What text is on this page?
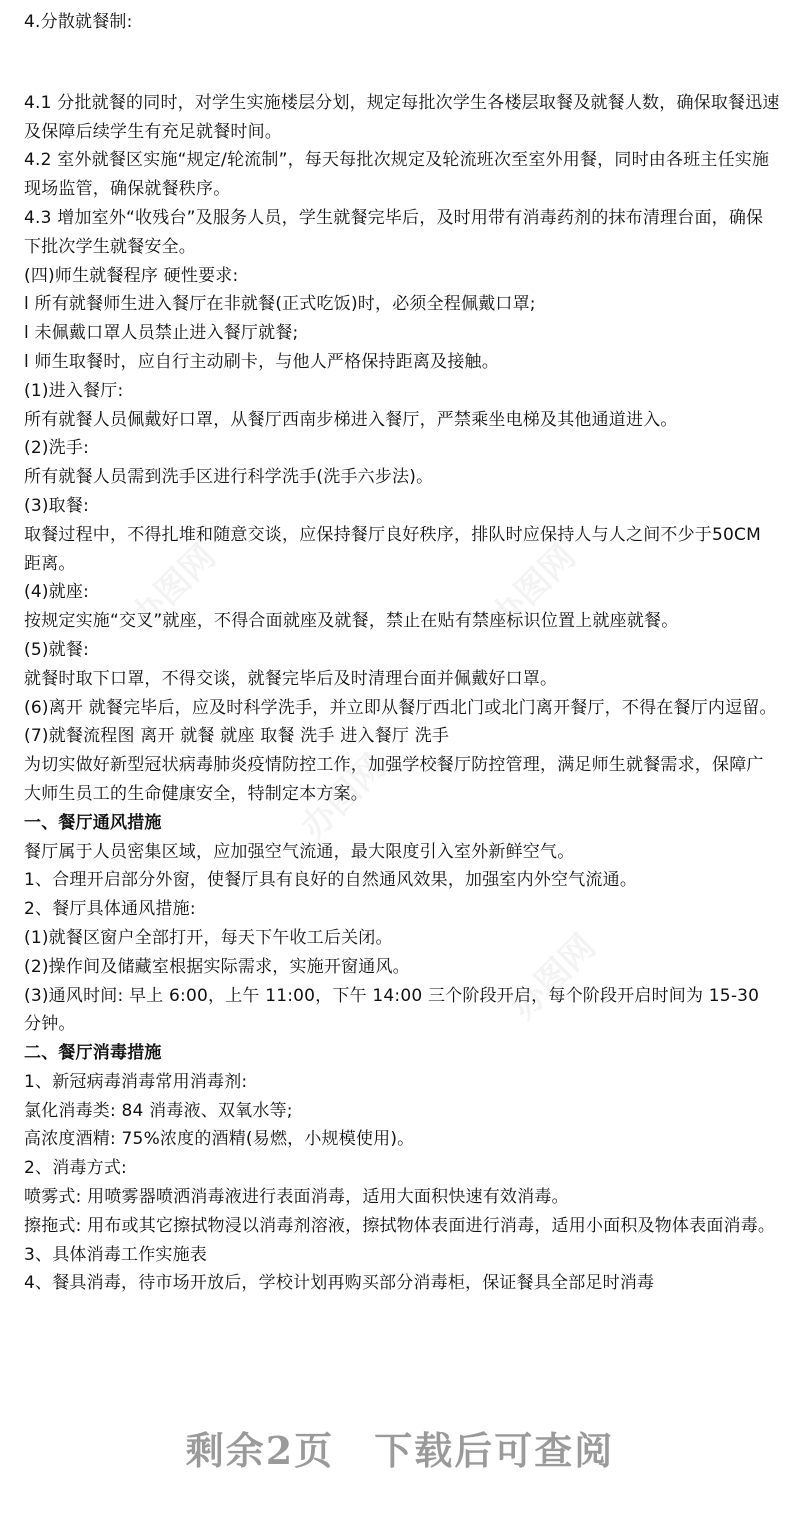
办图网	办图网
办图网
办图网
4.分散就餐制:
4.1 分批就餐的同时，对学生实施楼层分划，规定每批次学生各楼层取餐及就餐人数，确保取餐迅速及保障后续学生有充足就餐时间。
4.2 室外就餐区实施“规定/轮流制”，每天每批次规定及轮流班次至室外用餐，同时由各班主任实施现场监管，确保就餐秩序。
4.3 增加室外“收残台”及服务人员，学生就餐完毕后，及时用带有消毒药剂的抹布清理台面，确保下批次学生就餐安全。
(四)师生就餐程序 硬性要求:
l 所有就餐师生进入餐厅在非就餐(正式吃饭)时，必须全程佩戴口罩;
l 未佩戴口罩人员禁止进入餐厅就餐;
l 师生取餐时，应自行主动刷卡，与他人严格保持距离及接触。
(1)进入餐厅:
所有就餐人员佩戴好口罩，从餐厅西南步梯进入餐厅，严禁乘坐电梯及其他通道进入。
(2)洗手:
所有就餐人员需到洗手区进行科学洗手(洗手六步法)。
(3)取餐:
取餐过程中，不得扎堆和随意交谈，应保持餐厅良好秩序，排队时应保持人与人之间不少于50CM 距离。
(4)就座:
按规定实施“交叉”就座，不得合面就座及就餐，禁止在贴有禁座标识位置上就座就餐。
(5)就餐:
就餐时取下口罩，不得交谈，就餐完毕后及时清理台面并佩戴好口罩。
(6)离开 就餐完毕后，应及时科学洗手，并立即从餐厅西北门或北门离开餐厅，不得在餐厅内逗留。
(7)就餐流程图 离开 就餐 就座 取餐 洗手 进入餐厅 洗手
为切实做好新型冠状病毒肺炎疫情防控工作，加强学校餐厅防控管理，满足师生就餐需求，保障广大师生员工的生命健康安全，特制定本方案。
一、餐厅通风措施
餐厅属于人员密集区域，应加强空气流通，最大限度引入室外新鲜空气。
1、合理开启部分外窗，使餐厅具有良好的自然通风效果，加强室内外空气流通。
2、餐厅具体通风措施:
(1)就餐区窗户全部打开，每天下午收工后关闭。
(2)操作间及储藏室根据实际需求，实施开窗通风。
(3)通风时间: 早上 6:00，上午 11:00，下午 14:00 三个阶段开启，每个阶段开启时间为 15-30 分钟。
二、餐厅消毒措施
1、新冠病毒消毒常用消毒剂:
氯化消毒类: 84 消毒液、双氧水等;
高浓度酒精: 75%浓度的酒精(易燃，小规模使用)。
2、消毒方式:
喷雾式: 用喷雾器喷洒消毒液进行表面消毒，适用大面积快速有效消毒。
擦拖式: 用布或其它擦拭物浸以消毒剂溶液，擦拭物体表面进行消毒，适用小面积及物体表面消毒。
3、具体消毒工作实施表
4、餐具消毒，待市场开放后，学校计划再购买部分消毒柜，保证餐具全部足时消毒
剩余2页　下载后可查阅
